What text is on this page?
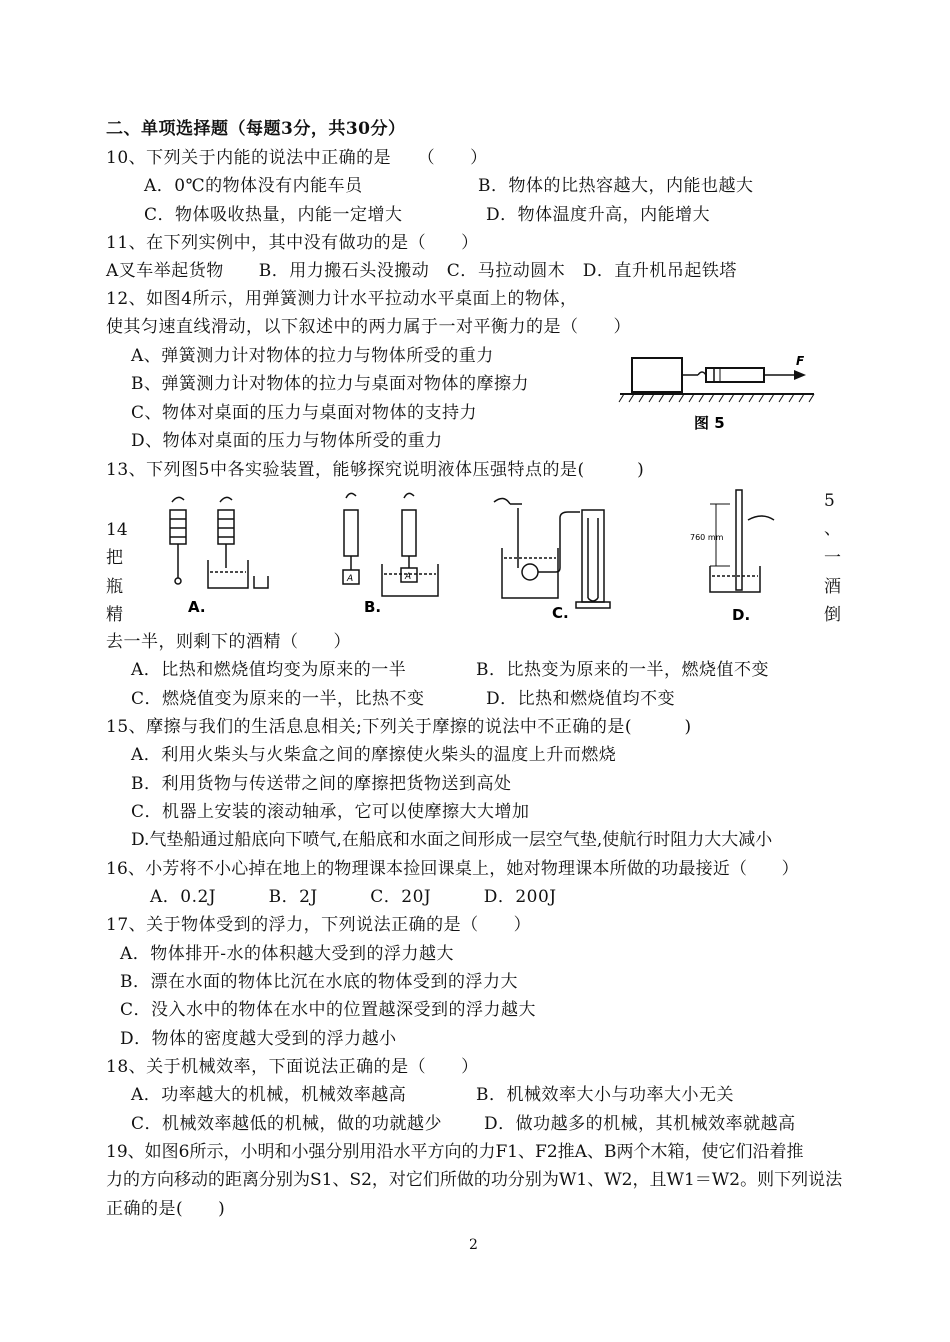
二、单项选择题（每题3分，共30分）
10、下列关于内能的说法中正确的是　　（　　）
A．0℃的物体没有内能车员	B．物体的比热容越大，内能也越大
C．物体吸收热量，内能一定增大	D．物体温度升高，内能增大
11、在下列实例中，其中没有做功的是（　　）
A叉车举起货物　　B．用力搬石头没搬动　C．马拉动圆木　D．直升机吊起铁塔
12、如图4所示，用弹簧测力计水平拉动水平桌面上的物体，
使其匀速直线滑动，以下叙述中的两力属于一对平衡力的是（　　）
A、弹簧测力计对物体的拉力与物体所受的重力
B、弹簧测力计对物体的拉力与桌面对物体的摩擦力
C、物体对桌面的压力与桌面对物体的支持力
D、物体对桌面的压力与物体所受的重力
F
图 5
13、下列图5中各实验装置，能够探究说明液体压强特点的是(　　　)
A.
A	A
B.	C.
760 mm
D.
14
把
瓶
精
5
、
一
酒
倒
去一半，则剩下的酒精（　　）
A．比热和燃烧值均变为原来的一半	B．比热变为原来的一半，燃烧值不变
C．燃烧值变为原来的一半，比热不变	D．比热和燃烧值均不变
15、摩擦与我们的生活息息相关;下列关于摩擦的说法中不正确的是(　　　)
A．利用火柴头与火柴盒之间的摩擦使火柴头的温度上升而燃烧
B．利用货物与传送带之间的摩擦把货物送到高处
C．机器上安装的滚动轴承，它可以使摩擦大大增加
D.气垫船通过船底向下喷气,在船底和水面之间形成一层空气垫,使航行时阻力大大减小
16、小芳将不小心掉在地上的物理课本捡回课桌上，她对物理课本所做的功最接近（　　）
A．0.2J　　　B．2J　　　C．20J　　　D．200J
17、关于物体受到的浮力，下列说法正确的是（　　）
A．物体排开-水的体积越大受到的浮力越大
B．漂在水面的物体比沉在水底的物体受到的浮力大
C．没入水中的物体在水中的位置越深受到的浮力越大
D．物体的密度越大受到的浮力越小
18、关于机械效率，下面说法正确的是（　　）
A．功率越大的机械，机械效率越高	B．机械效率大小与功率大小无关
C．机械效率越低的机械，做的功就越少 D．做功越多的机械，其机械效率就越高
19、如图6所示，小明和小强分别用沿水平方向的力F1、F2推A、B两个木箱，使它们沿着推
力的方向移动的距离分别为S1、S2，对它们所做的功分别为W1、W2，且W1＝W2。则下列说法
正确的是(　　)
2
